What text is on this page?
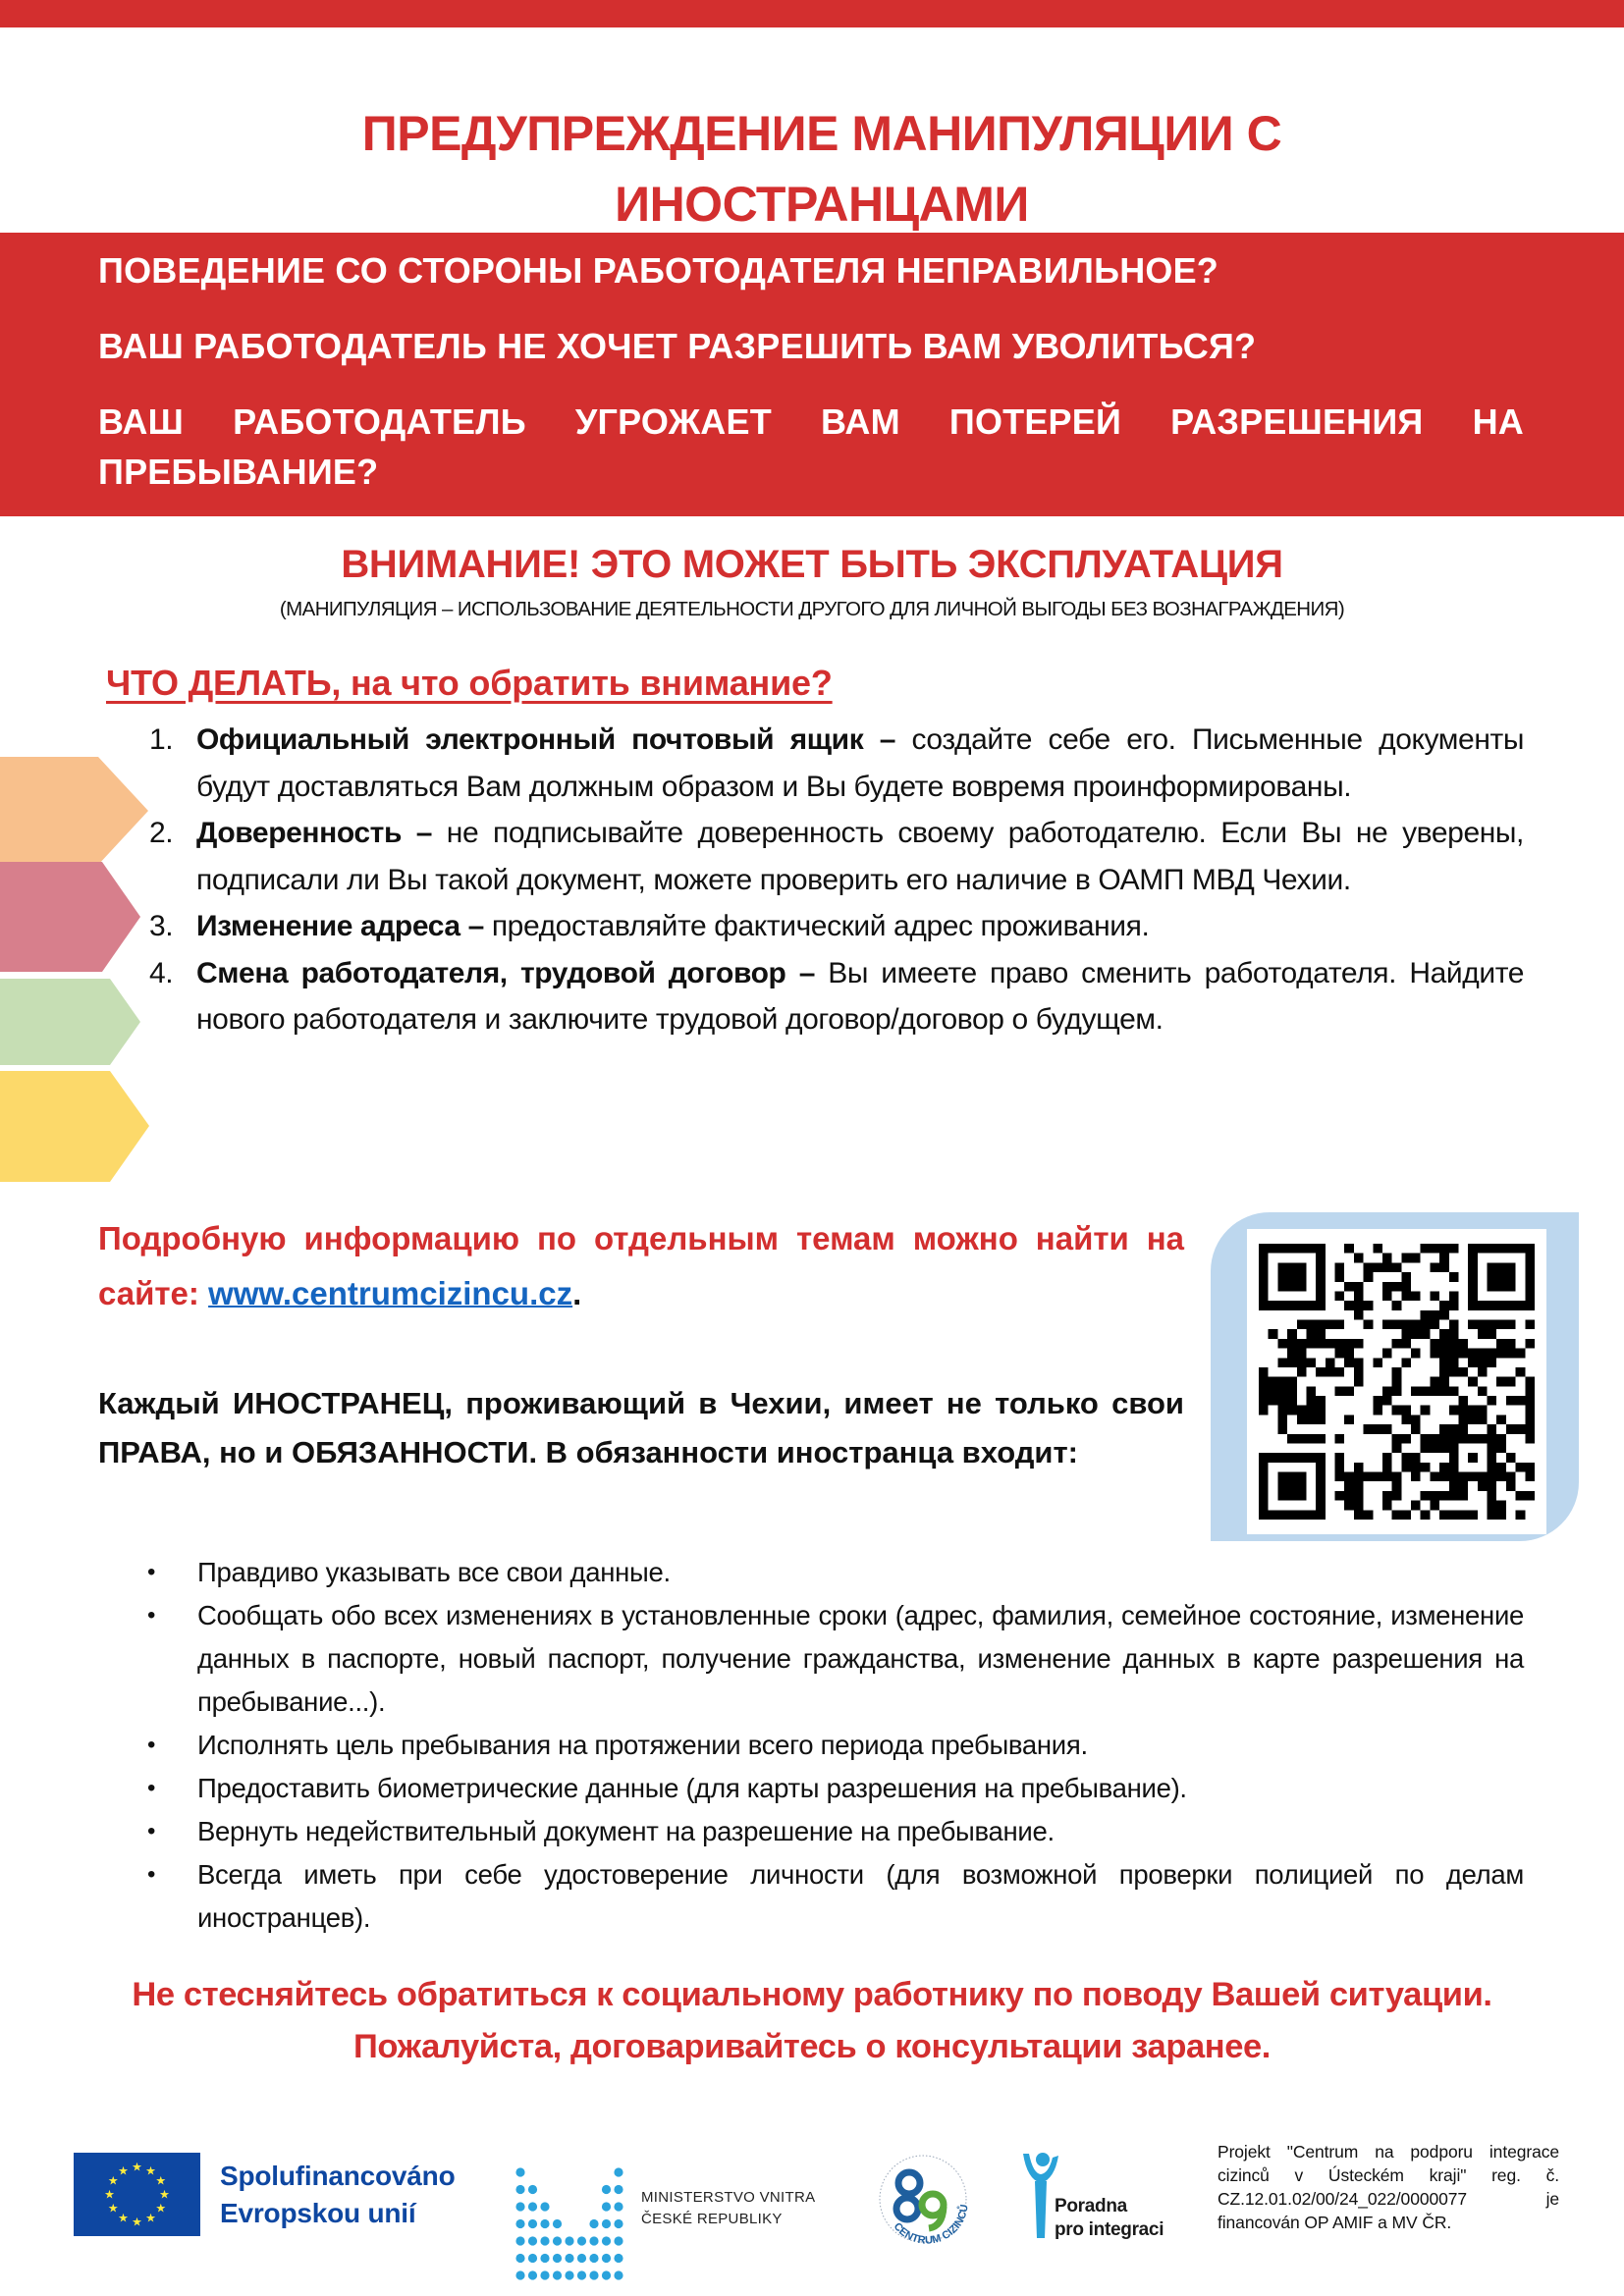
ПРЕДУПРЕЖДЕНИЕ МАНИПУЛЯЦИИ С
ИНОСТРАНЦАМИ
ПОВЕДЕНИЕ СО СТОРОНЫ РАБОТОДАТЕЛЯ НЕПРАВИЛЬНОЕ?
ВАШ РАБОТОДАТЕЛЬ НЕ ХОЧЕТ РАЗРЕШИТЬ ВАМ УВОЛИТЬСЯ?
ВАШ РАБОТОДАТЕЛЬ УГРОЖАЕТ ВАМ ПОТЕРЕЙ РАЗРЕШЕНИЯ НА
ПРЕБЫВАНИЕ?
ВНИМАНИЕ! ЭТО МОЖЕТ БЫТЬ ЭКСПЛУАТАЦИЯ
(МАНИПУЛЯЦИЯ – ИСПОЛЬЗОВАНИЕ ДЕЯТЕЛЬНОСТИ ДРУГОГО ДЛЯ ЛИЧНОЙ ВЫГОДЫ БЕЗ ВОЗНАГРАЖДЕНИЯ)
ЧТО ДЕЛАТЬ, на что обратить внимание?
1. Официальный электронный почтовый ящик – создайте себе его. Письменные документы будут доставляться Вам должным образом и Вы будете вовремя проинформированы.
2. Доверенность – не подписывайте доверенность своему работодателю. Если Вы не уверены, подписали ли Вы такой документ, можете проверить его наличие в ОАМП МВД Чехии.
3. Изменение адреса – предоставляйте фактический адрес проживания.
4. Смена работодателя, трудовой договор – Вы имеете право сменить работодателя. Найдите нового работодателя и заключите трудовой договор/договор о будущем.

Подробную информацию по отдельным темам можно найти на сайте: www.centrumcizincu.cz.

Каждый ИНОСТРАНЕЦ, проживающий в Чехии, имеет не только свои ПРАВА, но и ОБЯЗАННОСТИ. В обязанности иностранца входит:

• Правдиво указывать все свои данные.
• Сообщать обо всех изменениях в установленные сроки (адрес, фамилия, семейное состояние, изменение данных в паспорте, новый паспорт, получение гражданства, изменение данных в карте разрешения на пребывание...).
• Исполнять цель пребывания на протяжении всего периода пребывания.
• Предоставить биометрические данные (для карты разрешения на пребывание).
• Вернуть недействительный документ на разрешение на пребывание.
• Всегда иметь при себе удостоверение личности (для возможной проверки полицией по делам иностранцев).

Не стесняйтесь обратиться к социальному работнику по поводу Вашей ситуации. Пожалуйста, договаривайтесь о консультации заранее.

★ ★
★
★
★
★
★
★
★
★
★
★	Spolufinancováno
Evropskou unií
MINISTERSTVO VNITRA
ČESKÉ REPUBLIKY
CENTRUM CIZINCŮ	Poradna
pro integraci

Projekt "Centrum na podporu integrace cizinců v Ústeckém kraji" reg. č. CZ.12.01.02/00/24_022/0000077 je financován OP AMIF a MV ČR.
